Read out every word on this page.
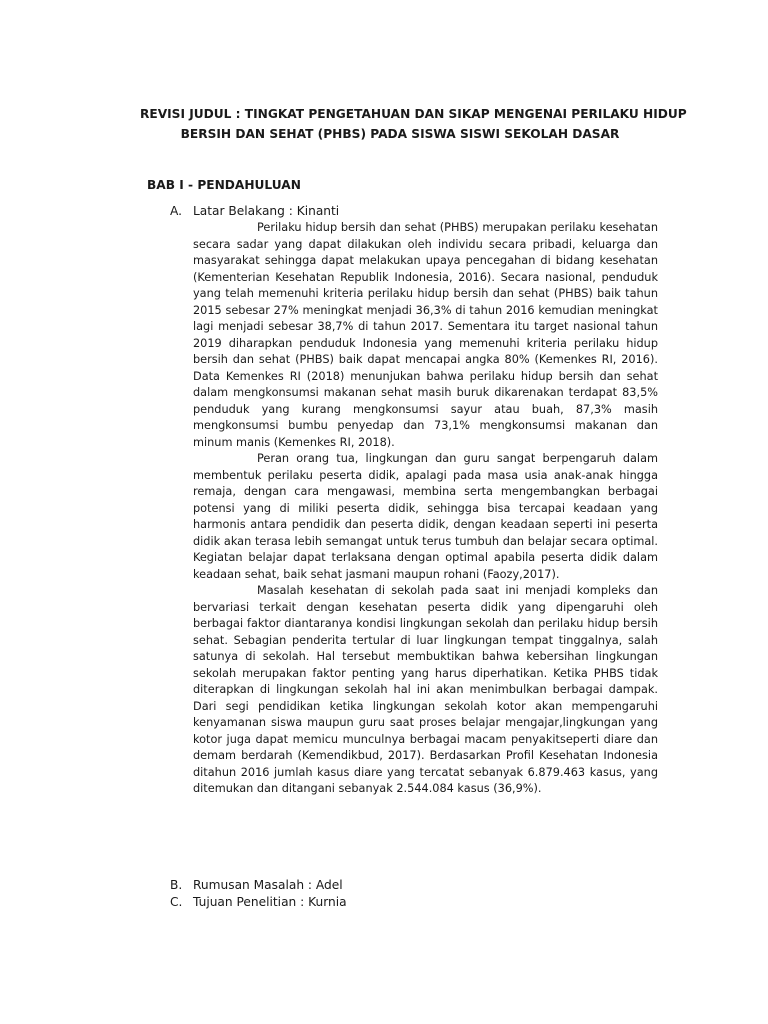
REVISI JUDUL : TINGKAT PENGETAHUAN DAN SIKAP MENGENAI PERILAKU HIDUP
BERSIH DAN SEHAT (PHBS) PADA SISWA SISWI SEKOLAH DASAR
BAB I - PENDAHULUAN
A. Latar Belakang : Kinanti

Perilaku hidup bersih dan sehat (PHBS) merupakan perilaku kesehatan secara sadar yang dapat dilakukan oleh individu secara pribadi, keluarga dan masyarakat sehingga dapat melakukan upaya pencegahan di bidang kesehatan (Kementerian Kesehatan Republik Indonesia, 2016). Secara nasional, penduduk yang telah memenuhi kriteria perilaku hidup bersih dan sehat (PHBS) baik tahun 2015 sebesar 27% meningkat menjadi 36,3% di tahun 2016 kemudian meningkat lagi menjadi sebesar 38,7% di tahun 2017. Sementara itu target nasional tahun 2019 diharapkan penduduk Indonesia yang memenuhi kriteria perilaku hidup bersih dan sehat (PHBS) baik dapat mencapai angka 80% (Kemenkes RI, 2016). Data Kemenkes RI (2018) menunjukan bahwa perilaku hidup bersih dan sehat dalam mengkonsumsi makanan sehat masih buruk dikarenakan terdapat 83,5% penduduk yang kurang mengkonsumsi sayur atau buah, 87,3% masih mengkonsumsi bumbu penyedap dan 73,1% mengkonsumsi makanan dan minum manis (Kemenkes RI, 2018).

Peran orang tua, lingkungan dan guru sangat berpengaruh dalam membentuk perilaku peserta didik, apalagi pada masa usia anak-anak hingga remaja, dengan cara mengawasi, membina serta mengembangkan berbagai potensi yang di miliki peserta didik, sehingga bisa tercapai keadaan yang harmonis antara pendidik dan peserta didik, dengan keadaan seperti ini peserta didik akan terasa lebih semangat untuk terus tumbuh dan belajar secara optimal. Kegiatan belajar dapat terlaksana dengan optimal apabila peserta didik dalam keadaan sehat, baik sehat jasmani maupun rohani (Faozy,2017).

Masalah kesehatan di sekolah pada saat ini menjadi kompleks dan bervariasi terkait dengan kesehatan peserta didik yang dipengaruhi oleh berbagai faktor diantaranya kondisi lingkungan sekolah dan perilaku hidup bersih sehat. Sebagian penderita tertular di luar lingkungan tempat tinggalnya, salah satunya di sekolah. Hal tersebut membuktikan bahwa kebersihan lingkungan sekolah merupakan faktor penting yang harus diperhatikan. Ketika PHBS tidak diterapkan di lingkungan sekolah hal ini akan menimbulkan berbagai dampak. Dari segi pendidikan ketika lingkungan sekolah kotor akan mempengaruhi kenyamanan siswa maupun guru saat proses belajar mengajar,lingkungan yang kotor juga dapat memicu munculnya berbagai macam penyakitseperti diare dan demam berdarah (Kemendikbud, 2017). Berdasarkan Profil Kesehatan Indonesia ditahun 2016 jumlah kasus diare yang tercatat sebanyak 6.879.463 kasus, yang ditemukan dan ditangani sebanyak 2.544.084 kasus (36,9%).

B. Rumusan Masalah : Adel
C. Tujuan Penelitian : Kurnia
